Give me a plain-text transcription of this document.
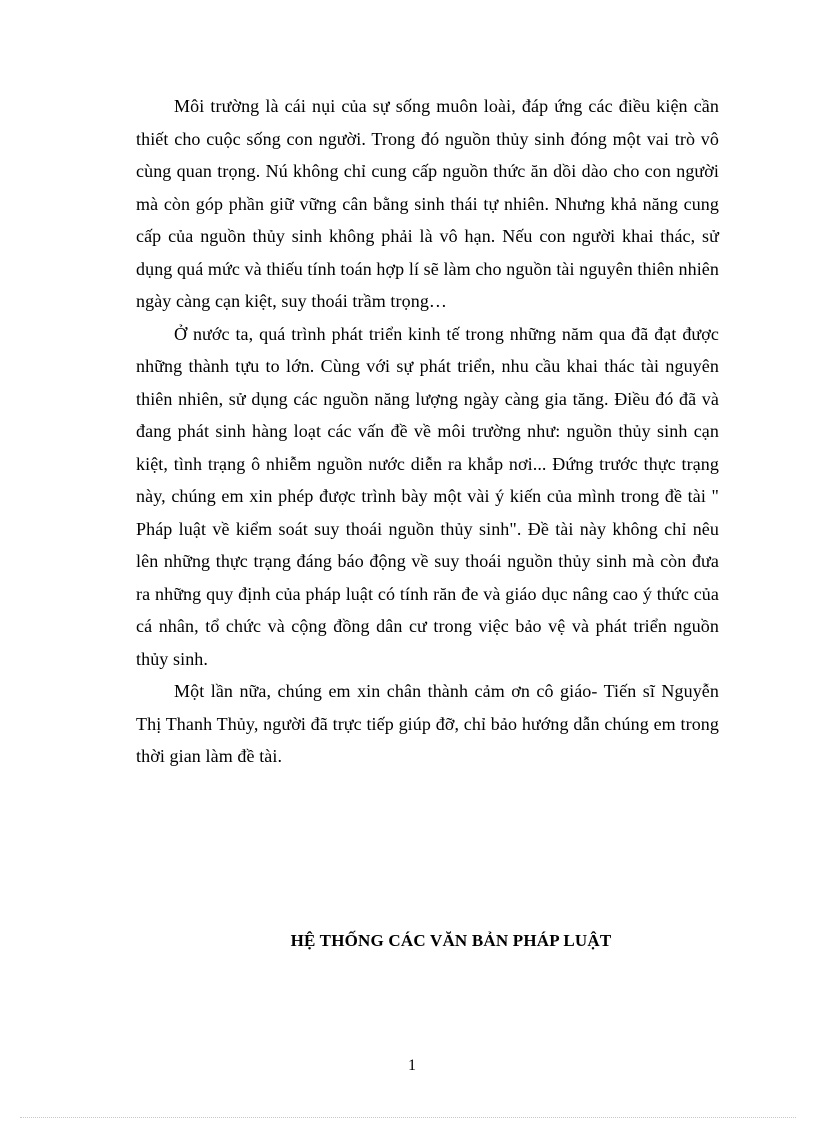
Môi trường là cái nụi của sự sống muôn loài, đáp ứng các điều kiện cần thiết cho cuộc sống con người. Trong đó nguồn thủy sinh đóng một vai trò vô cùng quan trọng. Nú không chỉ cung cấp nguồn thức ăn dồi dào cho con người mà còn góp phần giữ vững cân bằng sinh thái tự nhiên. Nhưng khả năng cung cấp của nguồn thủy sinh không phải là vô hạn. Nếu con người khai thác, sử dụng quá mức và thiếu tính toán hợp lí sẽ làm cho nguồn tài nguyên thiên nhiên ngày càng cạn kiệt, suy thoái trầm trọng…

Ở nước ta, quá trình phát triển kinh tế trong những năm qua đã đạt được những thành tựu to lớn. Cùng với sự phát triển, nhu cầu khai thác tài nguyên thiên nhiên, sử dụng các nguồn năng lượng ngày càng gia tăng. Điều đó đã và đang phát sinh hàng loạt các vấn đề về môi trường như: nguồn thủy sinh cạn kiệt, tình trạng ô nhiễm nguồn nước diễn ra khắp nơi... Đứng trước thực trạng này, chúng em xin phép được trình bày một vài ý kiến của mình trong đề tài " Pháp luật về kiểm soát suy thoái nguồn thủy sinh". Đề tài này không chỉ nêu lên những thực trạng đáng báo động về suy thoái nguồn thủy sinh mà còn đưa ra những quy định của pháp luật có tính răn đe và giáo dục nâng cao ý thức của cá nhân, tổ chức và cộng đồng dân cư trong việc bảo vệ và phát triển nguồn thủy sinh.

Một lần nữa, chúng em xin chân thành cảm ơn cô giáo- Tiến sĩ Nguyễn Thị Thanh Thủy, người đã trực tiếp giúp đỡ, chỉ bảo hướng dẫn chúng em trong thời gian làm đề tài.

HỆ THỐNG CÁC VĂN BẢN PHÁP LUẬT
1
